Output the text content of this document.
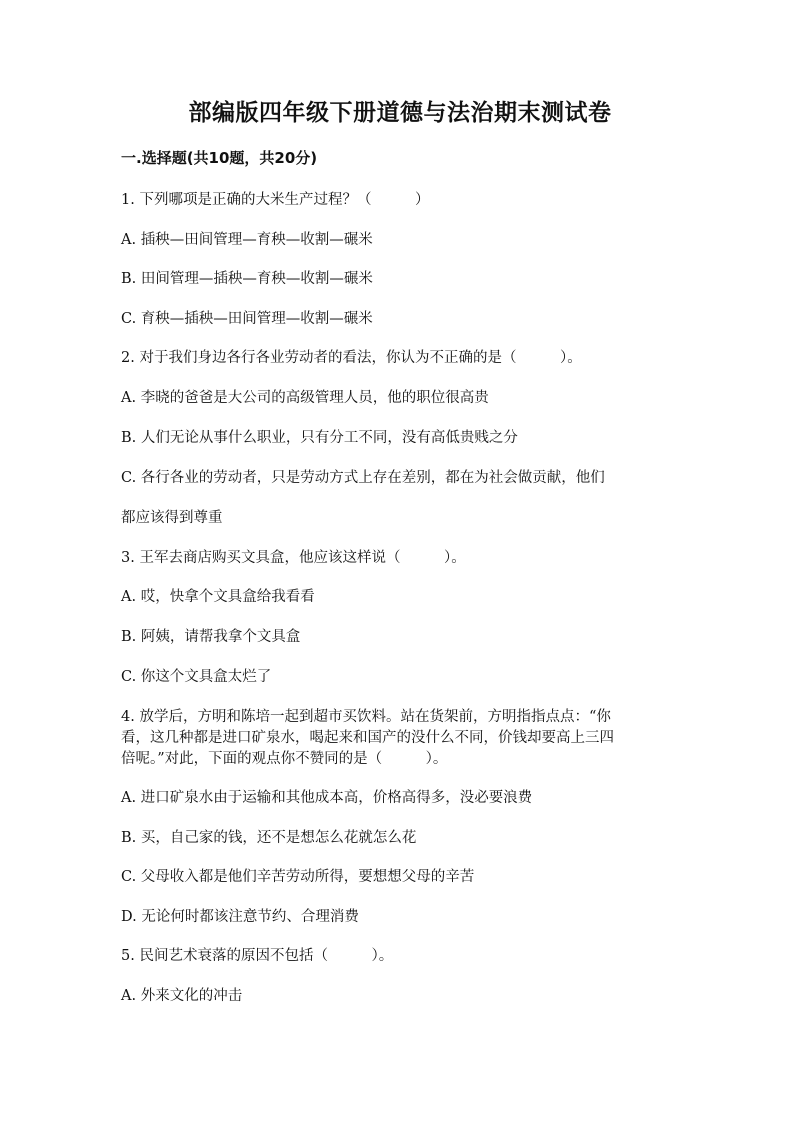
部编版四年级下册道德与法治期末测试卷
一.选择题(共10题，共20分)
1. 下列哪项是正确的大米生产过程？（　　　）
A. 插秧—田间管理—育秧—收割—碾米
B. 田间管理—插秧—育秧—收割—碾米
C. 育秧—插秧—田间管理—收割—碾米
2. 对于我们身边各行各业劳动者的看法，你认为不正确的是（　　　）。
A. 李晓的爸爸是大公司的高级管理人员，他的职位很高贵
B. 人们无论从事什么职业，只有分工不同，没有高低贵贱之分
C. 各行各业的劳动者，只是劳动方式上存在差别，都在为社会做贡献，他们
都应该得到尊重
3. 王军去商店购买文具盒，他应该这样说（　　　）。
A. 哎，快拿个文具盒给我看看
B. 阿姨，请帮我拿个文具盒
C. 你这个文具盒太烂了
4. 放学后，方明和陈培一起到超市买饮料。站在货架前，方明指指点点：“你
看，这几种都是进口矿泉水，喝起来和国产的没什么不同，价钱却要高上三四
倍呢。”对此，下面的观点你不赞同的是（　　　）。
A. 进口矿泉水由于运输和其他成本高，价格高得多，没必要浪费
B. 买，自己家的钱，还不是想怎么花就怎么花
C. 父母收入都是他们辛苦劳动所得，要想想父母的辛苦
D. 无论何时都该注意节约、合理消费
5. 民间艺术衰落的原因不包括（　　　）。
A. 外来文化的冲击
